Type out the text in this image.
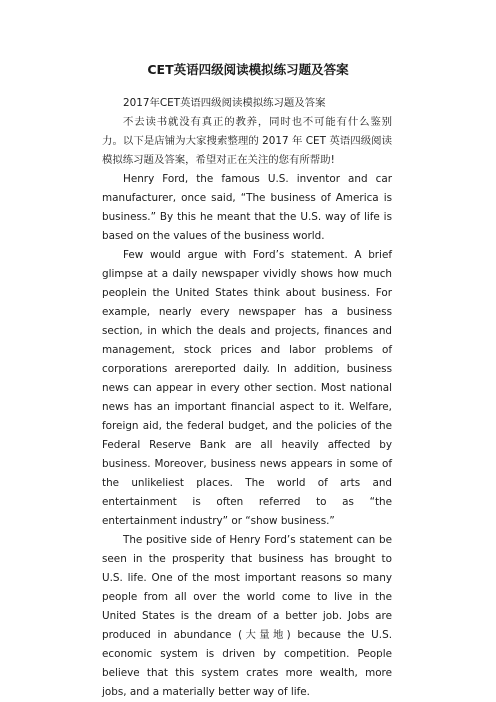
CET英语四级阅读模拟练习题及答案

2017年CET英语四级阅读模拟练习题及答案

不去读书就没有真正的教养，同时也不可能有什么鉴别力。以下是店铺为大家搜索整理的 2017 年 CET 英语四级阅读模拟练习题及答案，希望对正在关注的您有所帮助!

Henry Ford, the famous U.S. inventor and car manufacturer, once said, “The business of America is business.” By this he meant that the U.S. way of life is based on the values of the business world.

Few would argue with Ford’s statement. A brief glimpse at a daily newspaper vividly shows how much peoplein the United States think about business. For example, nearly every newspaper has a business section, in which the deals and projects, finances and management, stock prices and labor problems of corporations arereported daily. In addition, business news can appear in every other section. Most national news has an important financial aspect to it. Welfare, foreign aid, the federal budget, and the policies of the Federal Reserve Bank are all heavily affected by business. Moreover, business news appears in some of the unlikeliest places. The world of arts and entertainment is often referred to as “the entertainment industry” or “show business.”

The positive side of Henry Ford’s statement can be seen in the prosperity that business has brought to U.S. life. One of the most important reasons so many people from all over the world come to live in the United States is the dream of a better job. Jobs are produced in abundance (大量地) because the U.S. economic system is driven by competition. People believe that this system crates more wealth, more jobs, and a materially better way of life.
